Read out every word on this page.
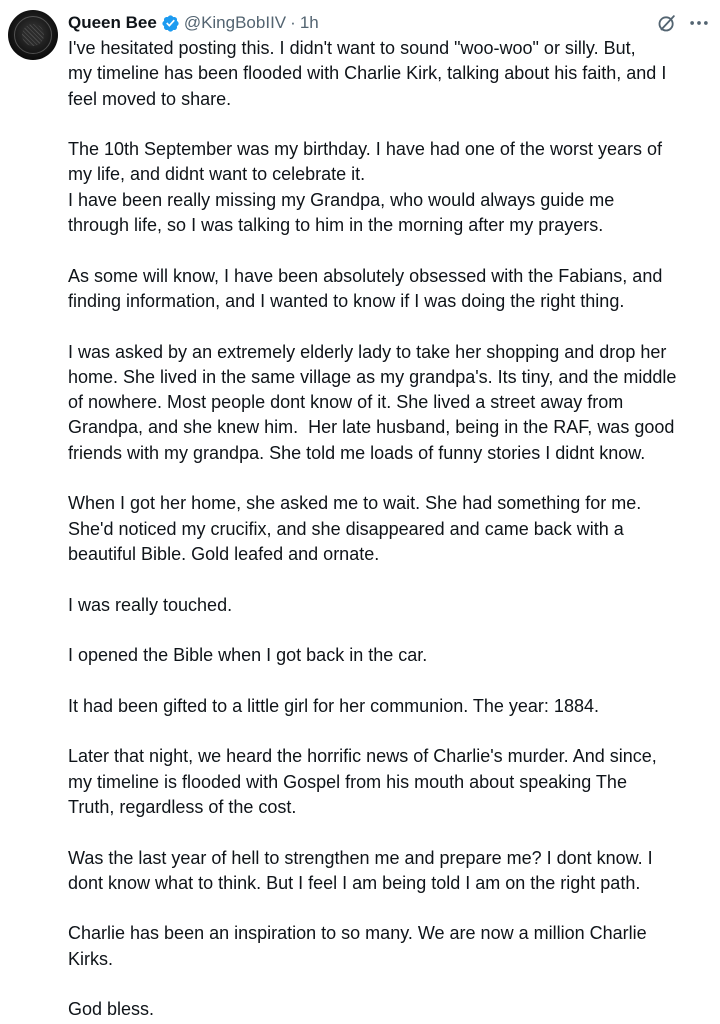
Queen Bee @KingBobIIV · 1h

I've hesitated posting this. I didn't want to sound "woo-woo" or silly. But,
my timeline has been flooded with Charlie Kirk, talking about his faith, and I
feel moved to share.

The 10th September was my birthday. I have had one of the worst years of
my life, and didnt want to celebrate it.
I have been really missing my Grandpa, who would always guide me
through life, so I was talking to him in the morning after my prayers.

As some will know, I have been absolutely obsessed with the Fabians, and
finding information, and I wanted to know if I was doing the right thing.

I was asked by an extremely elderly lady to take her shopping and drop her
home. She lived in the same village as my grandpa's. Its tiny, and the middle
of nowhere. Most people dont know of it. She lived a street away from
Grandpa, and she knew him.  Her late husband, being in the RAF, was good
friends with my grandpa. She told me loads of funny stories I didnt know.

When I got her home, she asked me to wait. She had something for me.
She'd noticed my crucifix, and she disappeared and came back with a
beautiful Bible. Gold leafed and ornate.

I was really touched.

I opened the Bible when I got back in the car.

It had been gifted to a little girl for her communion. The year: 1884.

Later that night, we heard the horrific news of Charlie's murder. And since,
my timeline is flooded with Gospel from his mouth about speaking The
Truth, regardless of the cost.

Was the last year of hell to strengthen me and prepare me? I dont know. I
dont know what to think. But I feel I am being told I am on the right path.

Charlie has been an inspiration to so many. We are now a million Charlie
Kirks.

God bless.
